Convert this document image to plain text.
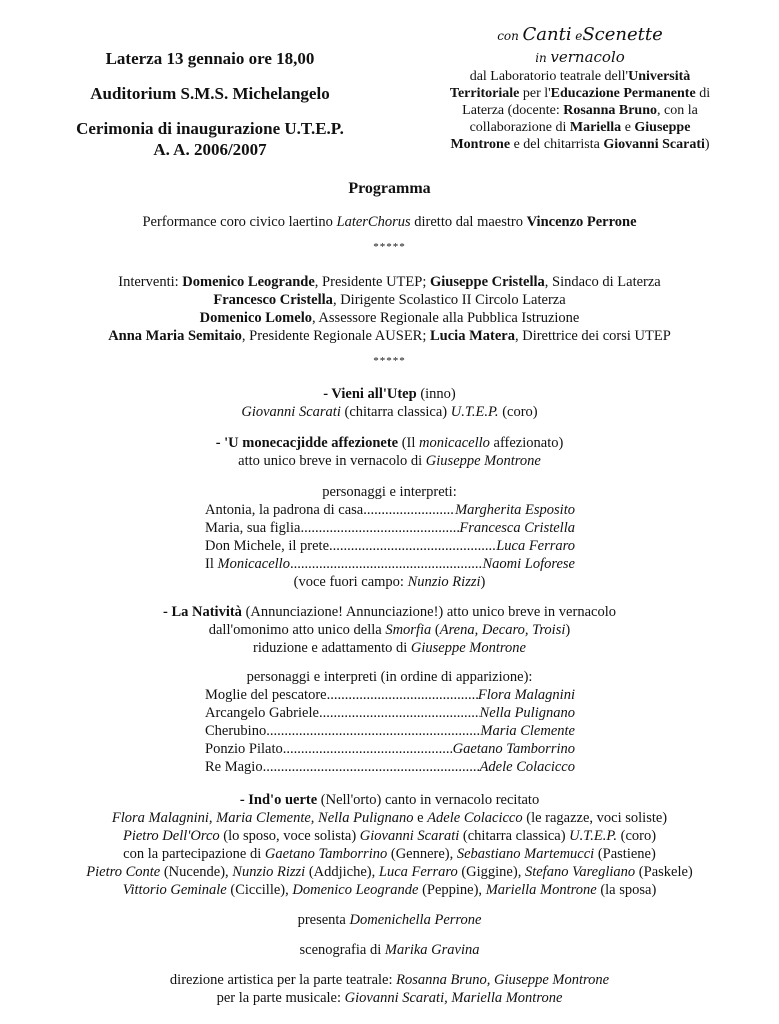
Laterza 13 gennaio ore 18,00
Auditorium S.M.S. Michelangelo
Cerimonia di inaugurazione U.T.E.P.
A. A. 2006/2007
con Canti eScenette
in vernacolo
dal Laboratorio teatrale dell'Università
Territoriale per l'Educazione Permanente di
Laterza (docente: Rosanna Bruno, con la
collaborazione di Mariella e Giuseppe
Montrone e del chitarrista Giovanni Scarati)
Programma
Performance coro civico laertino LaterChorus diretto dal maestro Vincenzo Perrone
*****
Interventi: Domenico Leogrande, Presidente UTEP; Giuseppe Cristella, Sindaco di Laterza
Francesco Cristella, Dirigente Scolastico II Circolo Laterza
Domenico Lomelo, Assessore Regionale alla Pubblica Istruzione
Anna Maria Semitaio, Presidente Regionale AUSER; Lucia Matera, Direttrice dei corsi UTEP
*****
- Vieni all'Utep (inno)
Giovanni Scarati (chitarra classica) U.T.E.P. (coro)
- 'U monecacjidde affezionete (Il monicacello affezionato)
atto unico breve in vernacolo di Giuseppe Montrone
personaggi e interpreti:
Antonia, la padrona di casa .....	Margherita Esposito
Maria, sua figlia .....	Francesca Cristella
Don Michele, il prete .....	Luca Ferraro
Il Monicacello .....	Naomi Loforese
(voce fuori campo: Nunzio Rizzi)
- La Natività (Annunciazione! Annunciazione!) atto unico breve in vernacolo
dall'omonimo atto unico della Smorfia (Arena, Decaro, Troisi)
riduzione e adattamento di Giuseppe Montrone
personaggi e interpreti (in ordine di apparizione):
Moglie del pescatore .....	Flora Malagnini
Arcangelo Gabriele .....	Nella Pulignano
Cherubino .....	Maria Clemente
Ponzio Pilato .....	Gaetano Tamborrino
Re Magio .....	Adele Colacicco
- Ind'o uerte (Nell'orto) canto in vernacolo recitato
Flora Malagnini, Maria Clemente, Nella Pulignano e Adele Colacicco (le ragazze, voci soliste)
Pietro Dell'Orco (lo sposo, voce solista) Giovanni Scarati (chitarra classica) U.T.E.P. (coro)
con la partecipazione di Gaetano Tamborrino (Gennere), Sebastiano Martemucci (Pastiene)
Pietro Conte (Nucende), Nunzio Rizzi (Addjiche), Luca Ferraro (Giggine), Stefano Varegliano (Paskele)
Vittorio Geminale (Ciccille), Domenico Leogrande (Peppine), Mariella Montrone (la sposa)
presenta Domenichella Perrone
scenografia di Marika Gravina
direzione artistica per la parte teatrale: Rosanna Bruno, Giuseppe Montrone
per la parte musicale: Giovanni Scarati, Mariella Montrone
